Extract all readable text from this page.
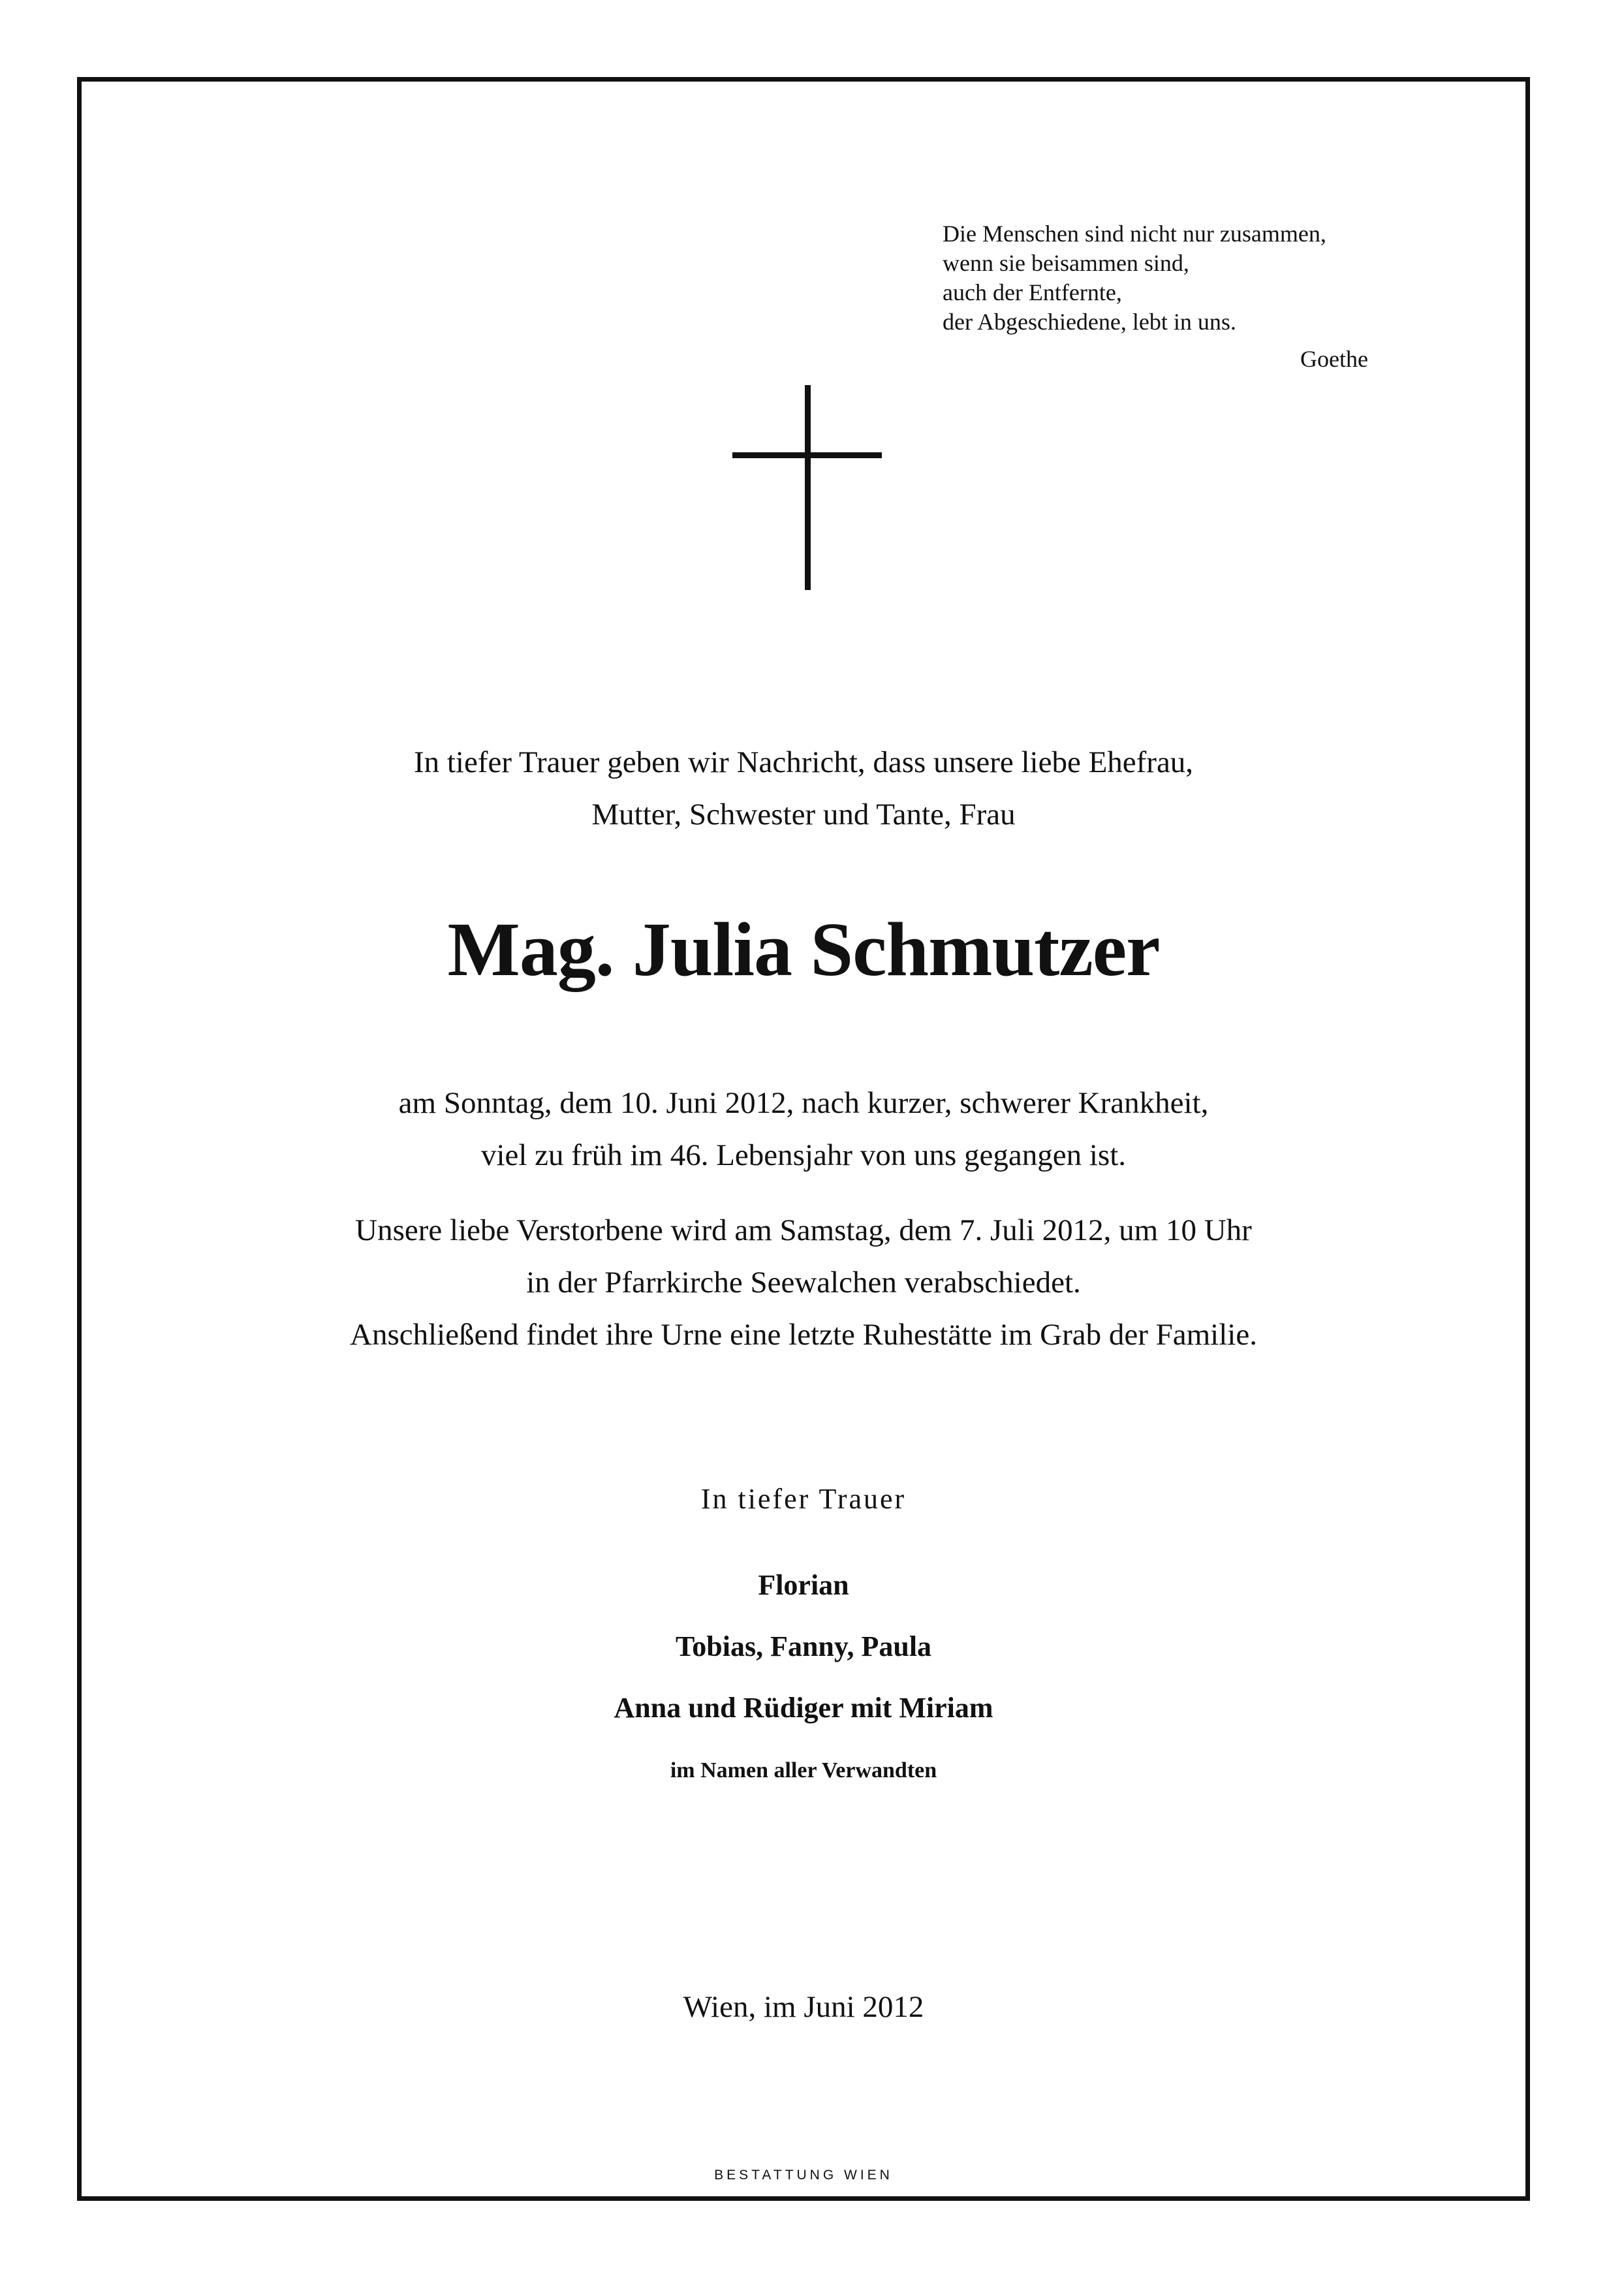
Die Menschen sind nicht nur zusammen,
wenn sie beisammen sind,
auch der Entfernte,
der Abgeschiedene, lebt in uns.
Goethe
In tiefer Trauer geben wir Nachricht, dass unsere liebe Ehefrau,
Mutter, Schwester und Tante, Frau
Mag. Julia Schmutzer
am Sonntag, dem 10. Juni 2012, nach kurzer, schwerer Krankheit,
viel zu früh im 46. Lebensjahr von uns gegangen ist.
Unsere liebe Verstorbene wird am Samstag, dem 7. Juli 2012, um 10 Uhr
in der Pfarrkirche Seewalchen verabschiedet.
Anschließend findet ihre Urne eine letzte Ruhestätte im Grab der Familie.
In tiefer Trauer
Florian
Tobias, Fanny, Paula
Anna und Rüdiger mit Miriam
im Namen aller Verwandten
Wien, im Juni 2012
BESTATTUNG WIEN
